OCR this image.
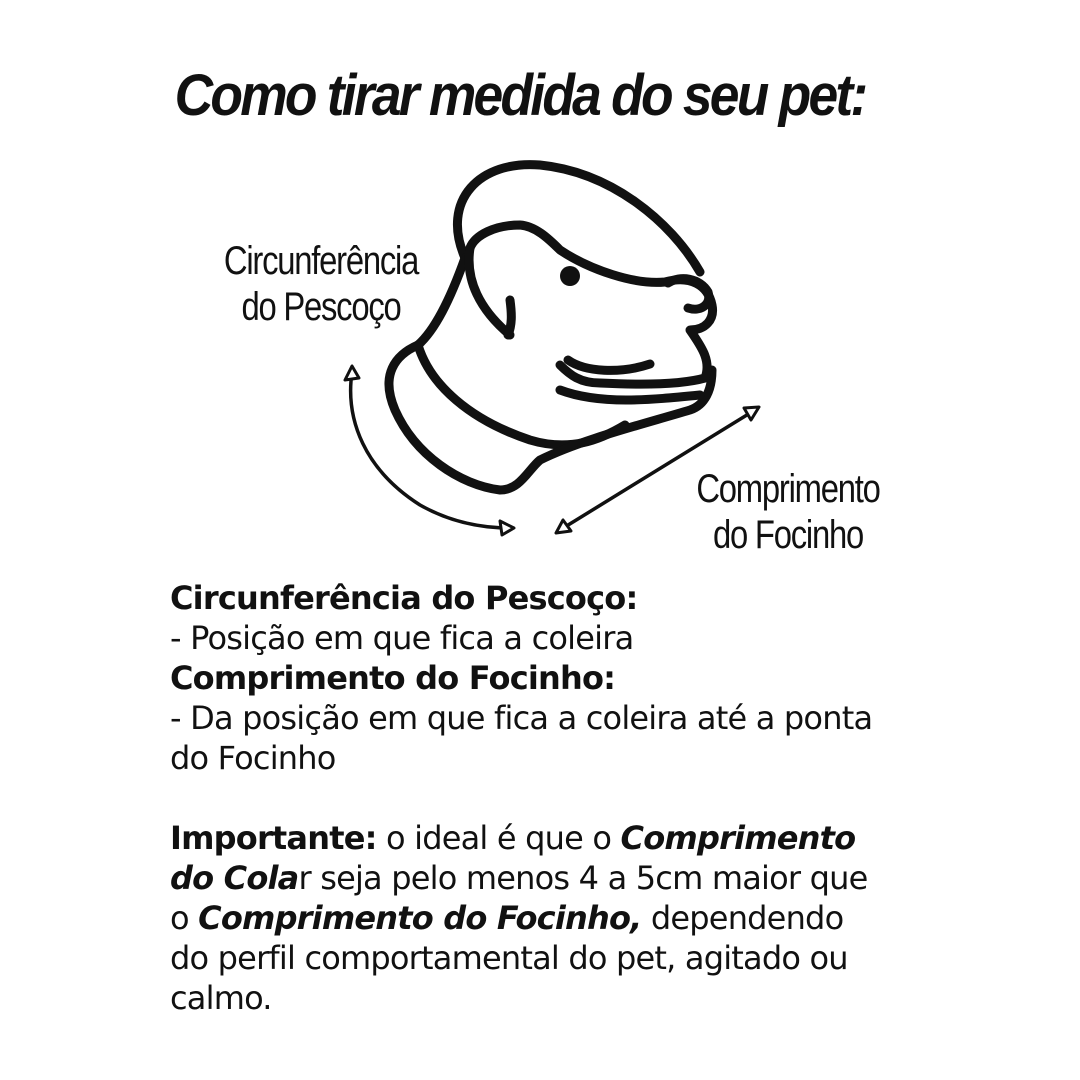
Como tirar medida do seu pet:
Circunferência
do Pescoço
Comprimento
do Focinho
Circunferência do Pescoço:
- Posição em que fica a coleira
Comprimento do Focinho:
- Da posição em que fica a coleira até a ponta
do Focinho
Importante: o ideal é que o Comprimento
do Colar seja pelo menos 4 a 5cm maior que
o Comprimento do Focinho, dependendo
do perfil comportamental do pet, agitado ou
calmo.
